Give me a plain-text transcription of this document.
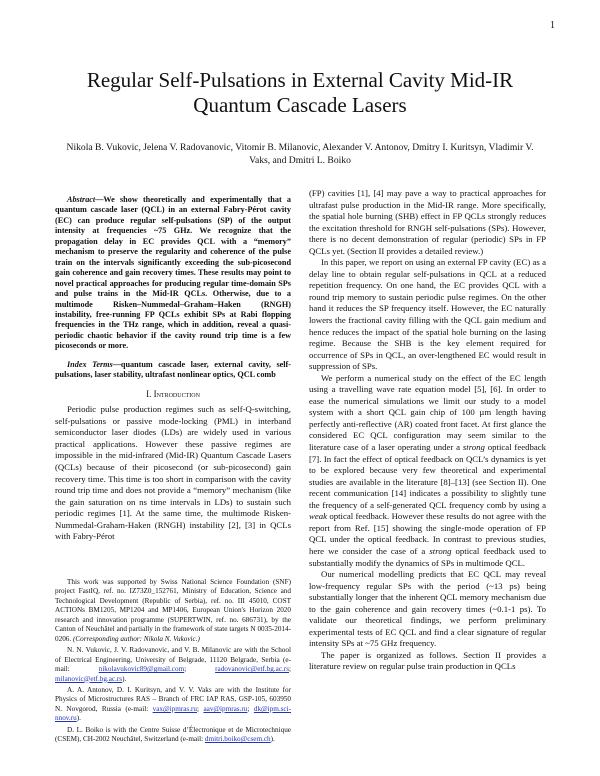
1
Regular Self-Pulsations in External Cavity Mid-IR Quantum Cascade Lasers
Nikola B. Vukovic, Jelena V. Radovanovic, Vitomir B. Milanovic, Alexander V. Antonov, Dmitry I. Kuritsyn, Vladimir V. Vaks, and Dmitri L. Boiko

Abstract—We show theoretically and experimentally that a quantum cascade laser (QCL) in an external Fabry-Pérot cavity (EC) can produce regular self-pulsations (SP) of the output intensity at frequencies ~75 GHz. We recognize that the propagation delay in EC provides QCL with a “memory” mechanism to preserve the regularity and coherence of the pulse train on the intervals significantly exceeding the sub-picosecond gain coherence and gain recovery times. These results may point to novel practical approaches for producing regular time-domain SPs and pulse trains in the Mid-IR QCLs. Otherwise, due to a multimode Risken–Nummedal–Graham–Haken (RNGH) instability, free-running FP QCLs exhibit SPs at Rabi flopping frequencies in the THz range, which in addition, reveal a quasi-periodic chaotic behavior if the cavity round trip time is a few picoseconds or more.

Index Terms—quantum cascade laser, external cavity, self-pulsations, laser stability, ultrafast nonlinear optics, QCL comb

I. Introduction

Periodic pulse production regimes such as self-Q-switching, self-pulsations or passive mode-locking (PML) in interband semiconductor laser diodes (LDs) are widely used in various practical applications. However these passive regimes are impossible in the mid-infrared (Mid-IR) Quantum Cascade Lasers (QCLs) because of their picosecond (or sub-picosecond) gain recovery time. This time is too short in comparison with the cavity round trip time and does not provide a “memory” mechanism (like the gain saturation on ns time intervals in LDs) to sustain such periodic regimes [1]. At the same time, the multimode Risken-Nummedal-Graham-Haken (RNGH) instability [2], [3] in QCLs with Fabry-Pérot

This work was supported by Swiss National Science Foundation (SNF) project FastIQ, ref. no. IZ73Z0_152761, Ministry of Education, Science and Technological Development (Republic of Serbia), ref. no. III 45010, COST ACTIONs BM1205, MP1204 and MP1406, European Union's Horizon 2020 research and innovation programme (SUPERTWIN, ref. no. 686731), by the Canton of Neuchâtel and partially in the framework of state targets N 0035-2014-0206. (Corresponding author: Nikola N. Vukovic.)

N. N. Vukovic, J. V. Radovanovic, and V. B. Milanovic are with the School of Electrical Engineering, University of Belgrade, 11120 Belgrade, Serbia (e-mail:	nikolavukovic89@gmail.com;	radovanovic@etf.bg.ac.rs; milanovic@etf.bg.ac.rs).

A. A. Antonov, D. I. Kuritsyn, and V. V. Vaks are with the Institute for Physics of Microstructures RAS – Branch of FRC IAP RAS, GSP-105, 603950 N. Novgorod, Russia (e-mail: vax@ipmras.ru; aav@ipmras.ru; dk@ipm.sci-nnov.ru).

D. L. Boiko is with the Centre Suisse d’Électronique et de Microtechnique (CSEM), CH-2002 Neuchâtel, Switzerland (e-mail: dmitri.boiko@csem.ch).

(FP) cavities [1], [4] may pave a way to practical approaches for ultrafast pulse production in the Mid-IR range. More specifically, the spatial hole burning (SHB) effect in FP QCLs strongly reduces the excitation threshold for RNGH self-pulsations (SPs). However, there is no decent demonstration of regular (periodic) SPs in FP QCLs yet. (Section II provides a detailed review.)

In this paper, we report on using an external FP cavity (EC) as a delay line to obtain regular self-pulsations in QCL at a reduced repetition frequency. On one hand, the EC provides QCL with a round trip memory to sustain periodic pulse regimes. On the other hand it reduces the SP frequency itself. However, the EC naturally lowers the fractional cavity filling with the QCL gain medium and hence reduces the impact of the spatial hole burning on the lasing regime. Because the SHB is the key element required for occurrence of SPs in QCL, an over-lengthened EC would result in suppression of SPs.

We perform a numerical study on the effect of the EC length using a travelling wave rate equation model [5], [6]. In order to ease the numerical simulations we limit our study to a model system with a short QCL gain chip of 100 µm length having perfectly anti-reflective (AR) coated front facet. At first glance the considered EC QCL configuration may seem similar to the literature case of a laser operating under a strong optical feedback [7]. In fact the effect of optical feedback on QCL’s dynamics is yet to be explored because very few theoretical and experimental studies are available in the literature [8]–[13] (see Section II). One recent communication [14] indicates a possibility to slightly tune the frequency of a self-generated QCL frequency comb by using a weak optical feedback. However these results do not agree with the report from Ref. [15] showing the single-mode operation of FP QCL under the optical feedback. In contrast to previous studies, here we consider the case of a strong optical feedback used to substantially modify the dynamics of SPs in multimode QCL.

Our numerical modelling predicts that EC QCL may reveal low-frequency regular SPs with the period (~13 ps) being substantially longer that the inherent QCL memory mechanism due to the gain coherence and gain recovery times (~0.1-1 ps). To validate our theoretical findings, we perform preliminary experimental tests of EC QCL and find a clear signature of regular intensity SPs at ~75 GHz frequency.

The paper is organized as follows. Section II provides a literature review on regular pulse train production in QCLs
